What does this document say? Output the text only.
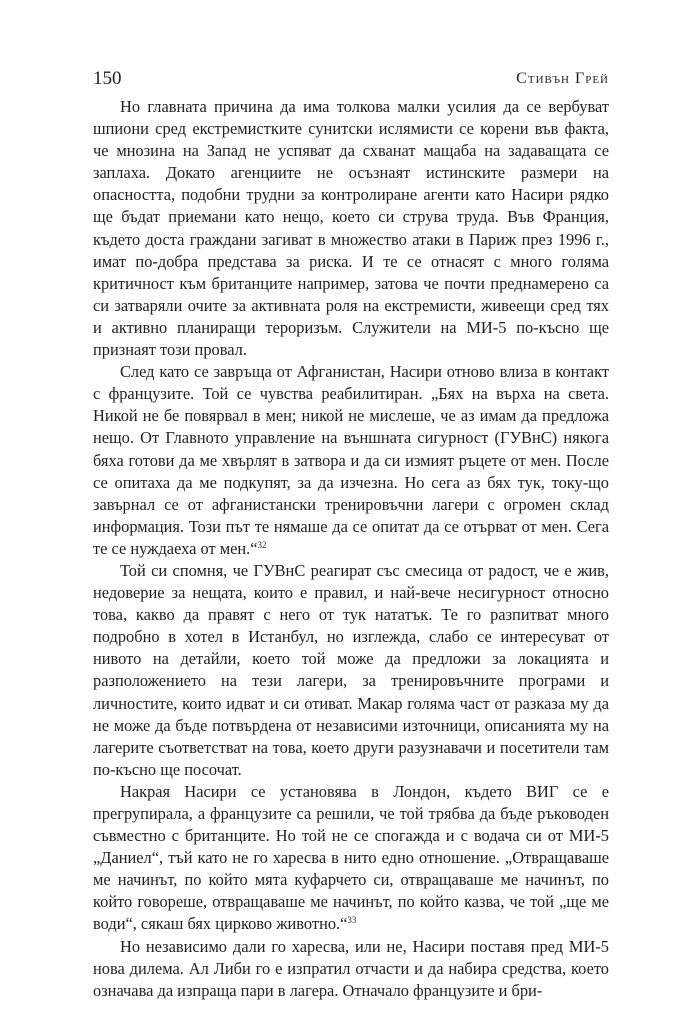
150	Стивън Грей

Но главната причина да има толкова малки усилия да се вербуват шпиони сред екстремистките сунитски ислямисти се корени във факта, че мнозина на Запад не успяват да схванат мащаба на задаващата се заплаха. Докато агенциите не осъзнаят истинските размери на опасността, подобни трудни за контролиране агенти като Насири рядко ще бъдат приемани като нещо, което си струва труда. Във Франция, където доста граждани загиват в множество атаки в Париж през 1996 г., имат по-добра представа за риска. И те се отнасят с много голяма критичност към британците например, затова че почти преднамерено са си затваряли очите за активната роля на екстремисти, живеещи сред тях и активно планиращи тероризъм. Служители на МИ-5 по-късно ще признаят този провал.

След като се завръща от Афганистан, Насири отново влиза в контакт с французите. Той се чувства реабилитиран. „Бях на върха на света. Никой не бе повярвал в мен; никой не мислеше, че аз имам да предложа нещо. От Главното управление на външната сигурност (ГУВнС) някога бяха готови да ме хвърлят в затвора и да си измият ръцете от мен. После се опитаха да ме подкупят, за да изчезна. Но сега аз бях тук, току-що завърнал се от афганистански тренировъчни лагери с огромен склад информация. Този път те нямаше да се опитат да се отърват от мен. Сега те се нуждаеха от мен.“$^{32}$

Той си спомня, че ГУВнС реагират със смесица от радост, че е жив, недоверие за нещата, които е правил, и най-вече несигурност относно това, какво да правят с него от тук нататък. Те го разпитват много подробно в хотел в Истанбул, но изглежда, слабо се интересуват от нивото на детайли, което той може да предложи за локацията и разположението на тези лагери, за тренировъчните програми и личностите, които идват и си отиват. Макар голяма част от разказа му да не може да бъде потвърдена от независими източници, описанията му на лагерите съответстват на това, което други разузнавачи и посетители там по-късно ще посочат.

Накрая Насири се установява в Лондон, където ВИГ се е прегрупирала, а французите са решили, че той трябва да бъде ръководен съвместно с британците. Но той не се спогажда и с водача си от МИ-5 „Даниел“, тъй като не го харесва в нито едно отношение. „Отвращаваше ме начинът, по който мята куфарчето си, отвращаваше ме начинът, по който говореше, отвращаваше ме начинът, по който казва, че той „ще ме води“, сякаш бях цирково животно.“$^{33}$

Но независимо дали го харесва, или не, Насири поставя пред МИ-5 нова дилема. Ал Либи го е изпратил отчасти и да набира средства, което означава да изпраща пари в лагера. Отначало французите и бри-
